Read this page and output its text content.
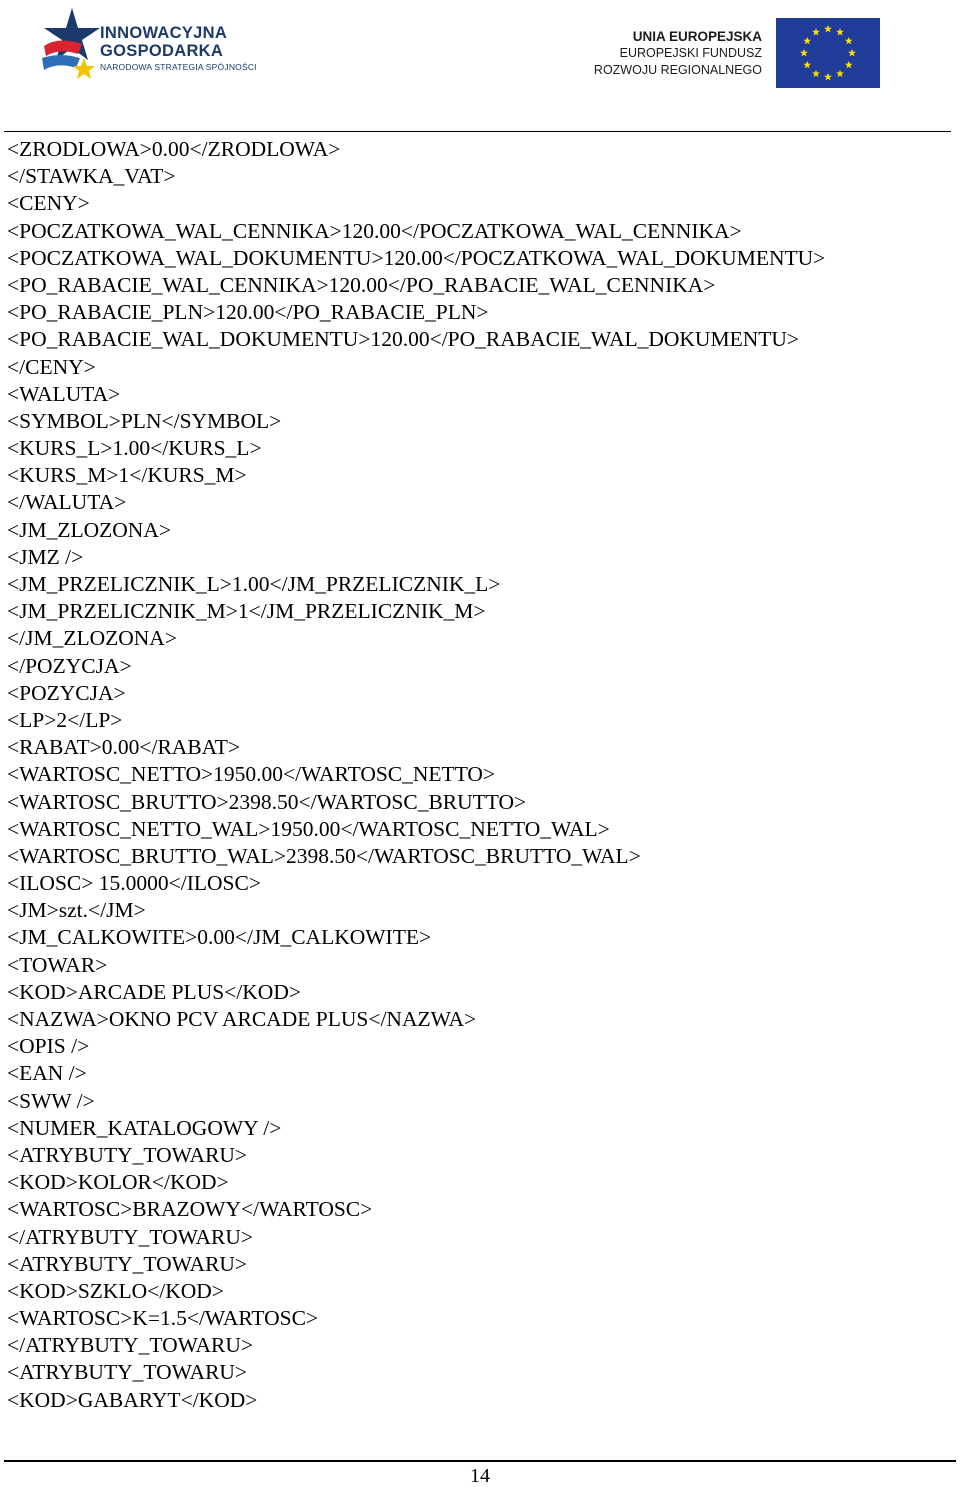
INNOWACYJNA
GOSPODARKA
NARODOWA STRATEGIA SPÓJNOŚCI
UNIA EUROPEJSKA
EUROPEJSKI FUNDUSZ
ROZWOJU REGIONALNEGO
<ZRODLOWA>0.00</ZRODLOWA>
</STAWKA_VAT>
<CENY>
<POCZATKOWA_WAL_CENNIKA>120.00</POCZATKOWA_WAL_CENNIKA>
<POCZATKOWA_WAL_DOKUMENTU>120.00</POCZATKOWA_WAL_DOKUMENTU>
<PO_RABACIE_WAL_CENNIKA>120.00</PO_RABACIE_WAL_CENNIKA>
<PO_RABACIE_PLN>120.00</PO_RABACIE_PLN>
<PO_RABACIE_WAL_DOKUMENTU>120.00</PO_RABACIE_WAL_DOKUMENTU>
</CENY>
<WALUTA>
<SYMBOL>PLN</SYMBOL>
<KURS_L>1.00</KURS_L>
<KURS_M>1</KURS_M>
</WALUTA>
<JM_ZLOZONA>
<JMZ />
<JM_PRZELICZNIK_L>1.00</JM_PRZELICZNIK_L>
<JM_PRZELICZNIK_M>1</JM_PRZELICZNIK_M>
</JM_ZLOZONA>
</POZYCJA>
<POZYCJA>
<LP>2</LP>
<RABAT>0.00</RABAT>
<WARTOSC_NETTO>1950.00</WARTOSC_NETTO>
<WARTOSC_BRUTTO>2398.50</WARTOSC_BRUTTO>
<WARTOSC_NETTO_WAL>1950.00</WARTOSC_NETTO_WAL>
<WARTOSC_BRUTTO_WAL>2398.50</WARTOSC_BRUTTO_WAL>
<ILOSC> 15.0000</ILOSC>
<JM>szt.</JM>
<JM_CALKOWITE>0.00</JM_CALKOWITE>
<TOWAR>
<KOD>ARCADE PLUS</KOD>
<NAZWA>OKNO PCV ARCADE PLUS</NAZWA>
<OPIS />
<EAN />
<SWW />
<NUMER_KATALOGOWY />
<ATRYBUTY_TOWARU>
<KOD>KOLOR</KOD>
<WARTOSC>BRAZOWY</WARTOSC>
</ATRYBUTY_TOWARU>
<ATRYBUTY_TOWARU>
<KOD>SZKLO</KOD>
<WARTOSC>K=1.5</WARTOSC>
</ATRYBUTY_TOWARU>
<ATRYBUTY_TOWARU>
<KOD>GABARYT</KOD>
14
